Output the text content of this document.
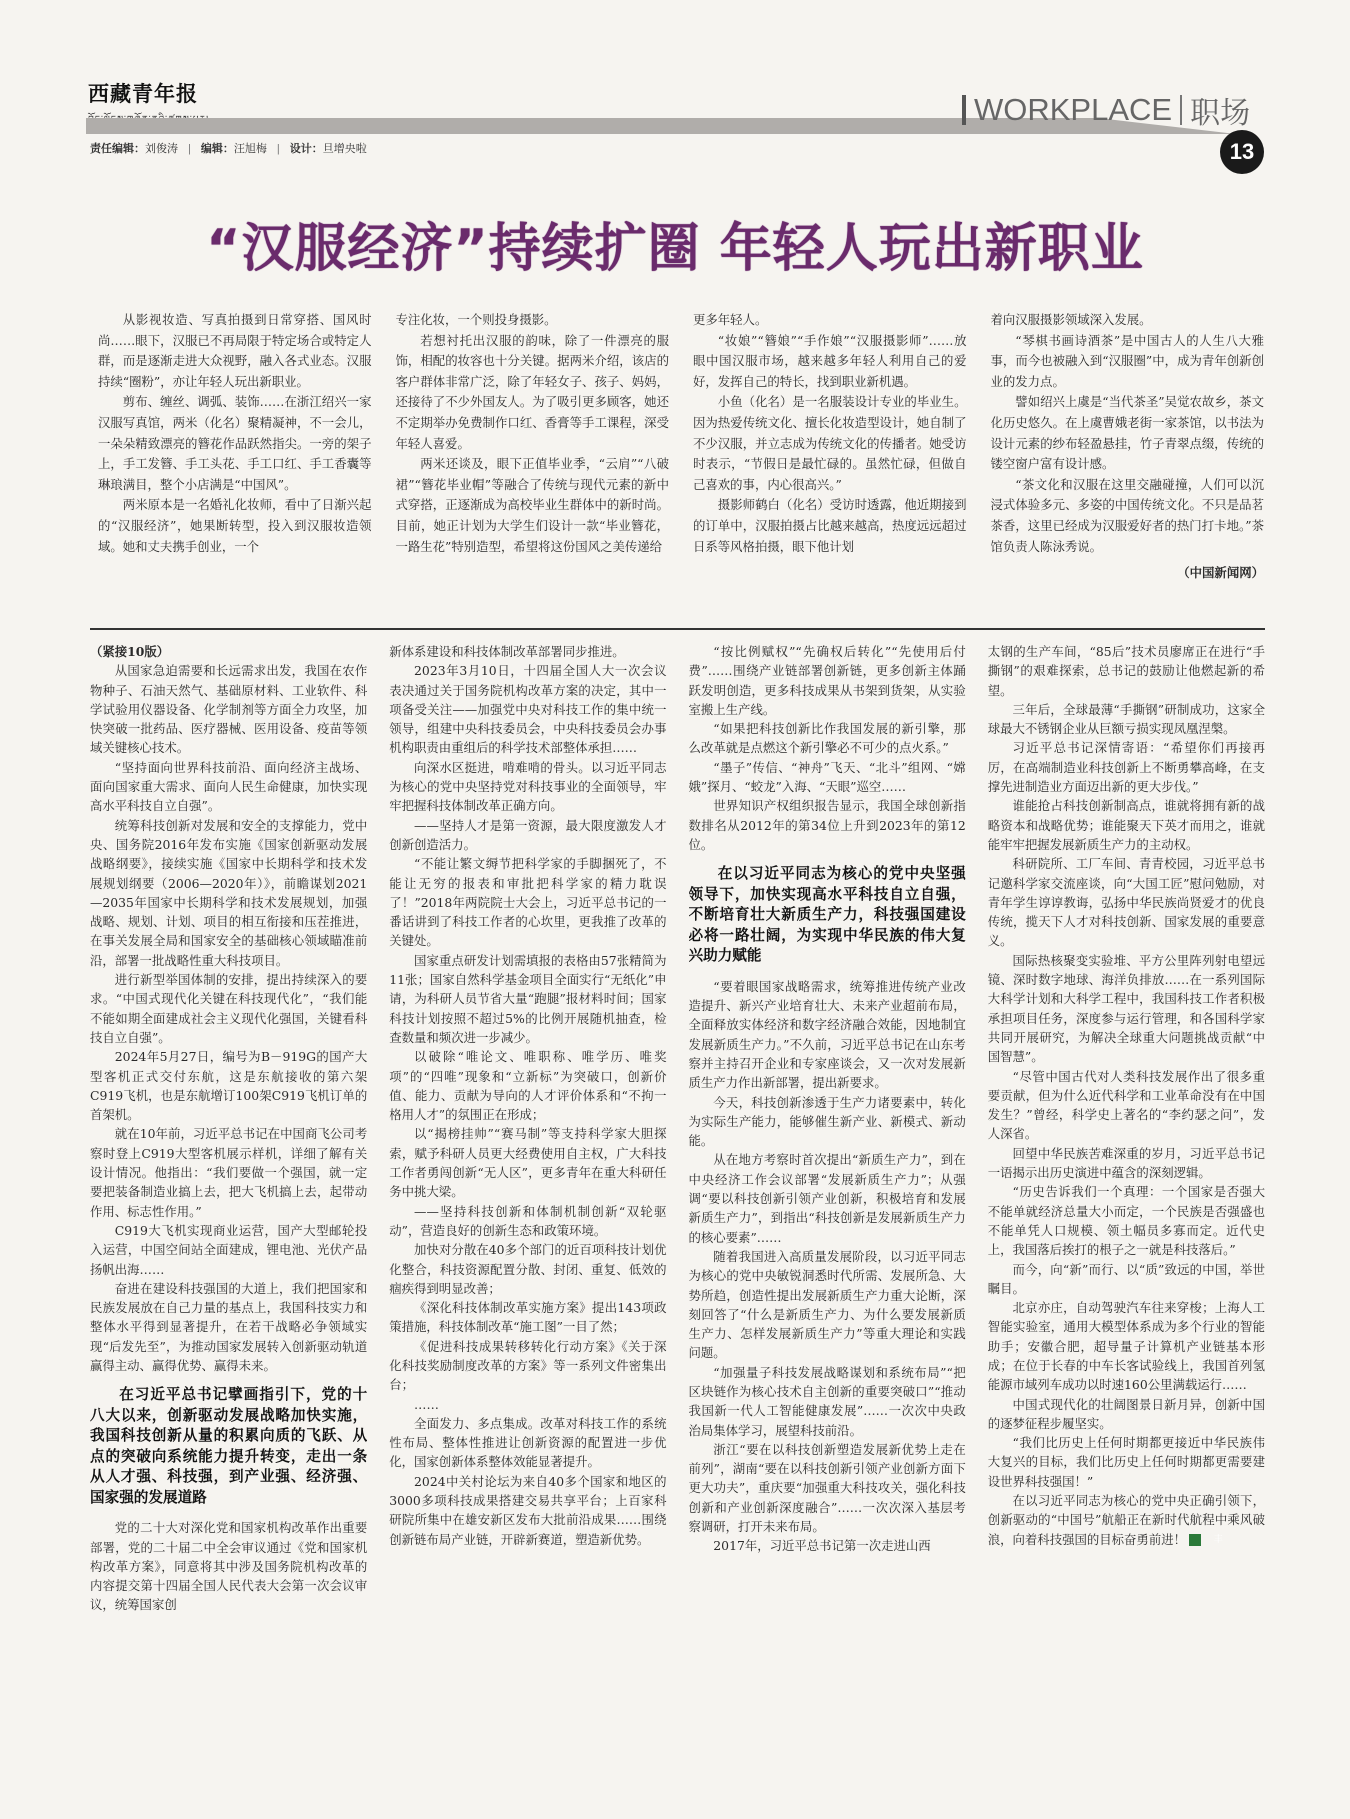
西藏青年报
责任编辑：刘俊涛 | 编辑：汪旭梅 | 设计：旦增央啦
WORKPLACE 职场
13
“汉服经济”持续扩圈 年轻人玩出新职业

从影视妆造、写真拍摄到日常穿搭、国风时尚……眼下，汉服已不再局限于特定场合或特定人群，而是逐渐走进大众视野，融入各式业态。汉服持续“圈粉”，亦让年轻人玩出新职业。

剪布、缠丝、调弧、装饰……在浙江绍兴一家汉服写真馆，两米（化名）聚精凝神，不一会儿，一朵朵精致漂亮的簪花作品跃然指尖。一旁的架子上，手工发簪、手工头花、手工口红、手工香囊等琳琅满目，整个小店满是“中国风”。

两米原本是一名婚礼化妆师，看中了日渐兴起的“汉服经济”，她果断转型，投入到汉服妆造领域。她和丈夫携手创业，一个

专注化妆，一个则投身摄影。

若想衬托出汉服的韵味，除了一件漂亮的服饰，相配的妆容也十分关键。据两米介绍，该店的客户群体非常广泛，除了年轻女子、孩子、妈妈，还接待了不少外国友人。为了吸引更多顾客，她还不定期举办免费制作口红、香膏等手工课程，深受年轻人喜爱。

两米还谈及，眼下正值毕业季，“云肩”“八破裙”“簪花毕业帽”等融合了传统与现代元素的新中式穿搭，正逐渐成为高校毕业生群体中的新时尚。目前，她正计划为大学生们设计一款“毕业簪花，一路生花”特别造型，希望将这份国风之美传递给

更多年轻人。

“妆娘”“簪娘”“手作娘”“汉服摄影师”……放眼中国汉服市场，越来越多年轻人利用自己的爱好，发挥自己的特长，找到职业新机遇。

小鱼（化名）是一名服装设计专业的毕业生。因为热爱传统文化、擅长化妆造型设计，她自制了不少汉服，并立志成为传统文化的传播者。她受访时表示，“节假日是最忙碌的。虽然忙碌，但做自己喜欢的事，内心很高兴。”

摄影师鹤白（化名）受访时透露，他近期接到的订单中，汉服拍摄占比越来越高，热度远远超过日系等风格拍摄，眼下他计划

着向汉服摄影领域深入发展。

“琴棋书画诗酒茶”是中国古人的人生八大雅事，而今也被融入到“汉服圈”中，成为青年创新创业的发力点。

譬如绍兴上虞是“当代茶圣”吴觉农故乡，茶文化历史悠久。在上虞曹娥老街一家茶馆，以书法为设计元素的纱布轻盈悬挂，竹子青翠点缀，传统的镂空窗户富有设计感。

“茶文化和汉服在这里交融碰撞，人们可以沉浸式体验多元、多姿的中国传统文化。不只是品茗茶香，这里已经成为汉服爱好者的热门打卡地。”茶馆负责人陈泳秀说。

（中国新闻网）

（紧接10版）

从国家急迫需要和长远需求出发，我国在农作物种子、石油天然气、基础原材料、工业软件、科学试验用仪器设备、化学制剂等方面全力攻坚，加快突破一批药品、医疗器械、医用设备、疫苗等领域关键核心技术。

“坚持面向世界科技前沿、面向经济主战场、面向国家重大需求、面向人民生命健康，加快实现高水平科技自立自强”。

统筹科技创新对发展和安全的支撑能力，党中央、国务院2016年发布实施《国家创新驱动发展战略纲要》，接续实施《国家中长期科学和技术发展规划纲要（2006—2020年）》，前瞻谋划2021—2035年国家中长期科学和技术发展规划，加强战略、规划、计划、项目的相互衔接和压茬推进，在事关发展全局和国家安全的基础核心领域瞄准前沿，部署一批战略性重大科技项目。

进行新型举国体制的安排，提出持续深入的要求。“中国式现代化关键在科技现代化”，“我们能不能如期全面建成社会主义现代化强国，关键看科技自立自强”。

2024年5月27日，编号为B－919G的国产大型客机正式交付东航，这是东航接收的第六架C919飞机，也是东航增订100架C919飞机订单的首架机。

就在10年前，习近平总书记在中国商飞公司考察时登上C919大型客机展示样机，详细了解有关设计情况。他指出：“我们要做一个强国，就一定要把装备制造业搞上去，把大飞机搞上去，起带动作用、标志性作用。”

C919大飞机实现商业运营，国产大型邮轮投入运营，中国空间站全面建成，锂电池、光伏产品扬帆出海……

奋进在建设科技强国的大道上，我们把国家和民族发展放在自己力量的基点上，我国科技实力和整体水平得到显著提升，在若干战略必争领域实现“后发先至”，为推动国家发展转入创新驱动轨道赢得主动、赢得优势、赢得未来。

在习近平总书记擘画指引下，党的十八大以来，创新驱动发展战略加快实施，我国科技创新从量的积累向质的飞跃、从点的突破向系统能力提升转变，走出一条从人才强、科技强，到产业强、经济强、国家强的发展道路

党的二十大对深化党和国家机构改革作出重要部署，党的二十届二中全会审议通过《党和国家机构改革方案》，同意将其中涉及国务院机构改革的内容提交第十四届全国人民代表大会第一次会议审议，统筹国家创

新体系建设和科技体制改革部署同步推进。

2023年3月10日，十四届全国人大一次会议表决通过关于国务院机构改革方案的决定，其中一项备受关注——加强党中央对科技工作的集中统一领导，组建中央科技委员会，中央科技委员会办事机构职责由重组后的科学技术部整体承担……

向深水区挺进，啃难啃的骨头。以习近平同志为核心的党中央坚持党对科技事业的全面领导，牢牢把握科技体制改革正确方向。

——坚持人才是第一资源，最大限度激发人才创新创造活力。

“不能让繁文缛节把科学家的手脚捆死了，不能让无穷的报表和审批把科学家的精力耽误了！”2018年两院院士大会上，习近平总书记的一番话讲到了科技工作者的心坎里，更我推了改革的关键处。

国家重点研发计划需填报的表格由57张精简为11张；国家自然科学基金项目全面实行“无纸化”申请，为科研人员节省大量“跑腿”报材料时间；国家科技计划按照不超过5%的比例开展随机抽查，检查数量和频次进一步减少。

以破除“唯论文、唯职称、唯学历、唯奖项”的“四唯”现象和“立新标”为突破口，创新价值、能力、贡献为导向的人才评价体系和“不拘一格用人才”的氛围正在形成；

以“揭榜挂帅”“赛马制”等支持科学家大胆探索，赋予科研人员更大经费使用自主权，广大科技工作者勇闯创新“无人区”，更多青年在重大科研任务中挑大梁。

——坚持科技创新和体制机制创新“双轮驱动”，营造良好的创新生态和政策环境。

加快对分散在40多个部门的近百项科技计划优化整合，科技资源配置分散、封闭、重复、低效的痼疾得到明显改善；

《深化科技体制改革实施方案》提出143项政策措施，科技体制改革“施工图”一目了然；

《促进科技成果转移转化行动方案》《关于深化科技奖励制度改革的方案》等一系列文件密集出台；

……

全面发力、多点集成。改革对科技工作的系统性布局、整体性推进让创新资源的配置进一步优化，国家创新体系整体效能显著提升。

2024中关村论坛为来自40多个国家和地区的3000多项科技成果搭建交易共享平台；上百家科研院所集中在雄安新区发布大批前沿成果……围绕创新链布局产业链，开辟新赛道，塑造新优势。

“按比例赋权”“先确权后转化”“先使用后付费”……围绕产业链部署创新链，更多创新主体踊跃发明创造，更多科技成果从书架到货架，从实验室搬上生产线。

“如果把科技创新比作我国发展的新引擎，那么改革就是点燃这个新引擎必不可少的点火系。”

“墨子”传信、“神舟”飞天、“北斗”组网、“嫦娥”探月、“蛟龙”入海、“天眼”巡空……

世界知识产权组织报告显示，我国全球创新指数排名从2012年的第34位上升到2023年的第12位。

在以习近平同志为核心的党中央坚强领导下，加快实现高水平科技自立自强，不断培育壮大新质生产力，科技强国建设必将一路壮阔，为实现中华民族的伟大复兴助力赋能

“要着眼国家战略需求，统筹推进传统产业改造提升、新兴产业培育壮大、未来产业超前布局，全面释放实体经济和数字经济融合效能，因地制宜发展新质生产力。”不久前，习近平总书记在山东考察并主持召开企业和专家座谈会，又一次对发展新质生产力作出新部署，提出新要求。

今天，科技创新渗透于生产力诸要素中，转化为实际生产能力，能够催生新产业、新模式、新动能。

从在地方考察时首次提出“新质生产力”，到在中央经济工作会议部署“发展新质生产力”；从强调“要以科技创新引领产业创新，积极培育和发展新质生产力”，到指出“科技创新是发展新质生产力的核心要素”……

随着我国进入高质量发展阶段，以习近平同志为核心的党中央敏锐洞悉时代所需、发展所急、大势所趋，创造性提出发展新质生产力重大论断，深刻回答了“什么是新质生产力、为什么要发展新质生产力、怎样发展新质生产力”等重大理论和实践问题。

“加强量子科技发展战略谋划和系统布局”“把区块链作为核心技术自主创新的重要突破口”“推动我国新一代人工智能健康发展”……一次次中央政治局集体学习，展望科技前沿。

浙江“要在以科技创新塑造发展新优势上走在前列”，湖南“要在以科技创新引领产业创新方面下更大功夫”，重庆要“加强重大科技攻关，强化科技创新和产业创新深度融合”……一次次深入基层考察调研，打开未来布局。

2017年，习近平总书记第一次走进山西

太钢的生产车间，“85后”技术员廖席正在进行“手撕钢”的艰难探索，总书记的鼓励让他燃起新的希望。

三年后，全球最薄“手撕钢”研制成功，这家全球最大不锈钢企业从巨额亏损实现凤凰涅槃。

习近平总书记深情寄语：“希望你们再接再厉，在高端制造业科技创新上不断勇攀高峰，在支撑先进制造业方面迈出新的更大步伐。”

谁能抢占科技创新制高点，谁就将拥有新的战略资本和战略优势；谁能聚天下英才而用之，谁就能牢牢把握发展新质生产力的主动权。

科研院所、工厂车间、青青校园，习近平总书记邀科学家交流座谈，向“大国工匠”慰问勉励，对青年学生谆谆教诲，弘扬中华民族尚贤爱才的优良传统，揽天下人才对科技创新、国家发展的重要意义。

国际热核聚变实验堆、平方公里阵列射电望远镜、深时数字地球、海洋负排放……在一系列国际大科学计划和大科学工程中，我国科技工作者积极承担项目任务，深度参与运行管理，和各国科学家共同开展研究，为解决全球重大问题挑战贡献“中国智慧”。

“尽管中国古代对人类科技发展作出了很多重要贡献，但为什么近代科学和工业革命没有在中国发生？”曾经，科学史上著名的“李约瑟之问”，发人深省。

回望中华民族苦难深重的岁月，习近平总书记一语揭示出历史演进中蕴含的深刻逻辑。

“历史告诉我们一个真理：一个国家是否强大不能单就经济总量大小而定，一个民族是否强盛也不能单凭人口规模、领土幅员多寡而定。近代史上，我国落后挨打的根子之一就是科技落后。”

而今，向“新”而行、以“质”致远的中国，举世瞩目。

北京亦庄，自动驾驶汽车往来穿梭；上海人工智能实验室，通用大模型体系成为多个行业的智能助手；安徽合肥，超导量子计算机产业链基本形成；在位于长春的中车长客试验线上，我国首列氢能源市域列车成功以时速160公里满载运行……

中国式现代化的壮阔图景日新月异，创新中国的逐梦征程步履坚实。

“我们比历史上任何时期都更接近中华民族伟大复兴的目标，我们比历史上任何时期都更需要建设世界科技强国！”

在以习近平同志为核心的党中央正确引领下，创新驱动的“中国号”航船正在新时代航程中乘风破浪，向着科技强国的目标奋勇前进！	丰
